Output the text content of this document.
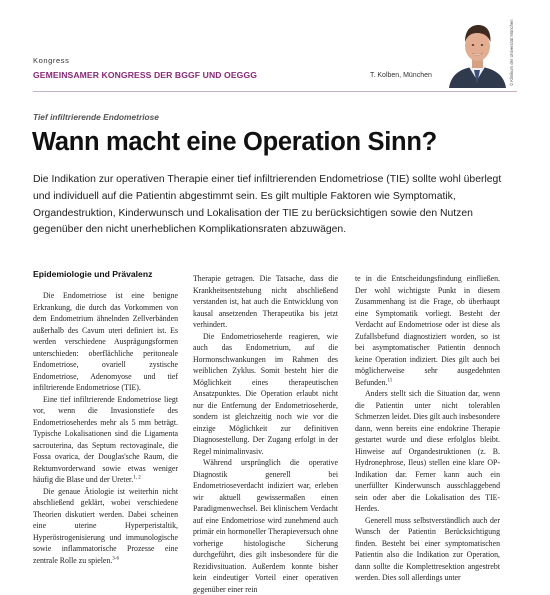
Kongress
GEMEINSAMER KONGRESS DER BGGF UND OEGGG	T. Kolben, München	© Klinikum der Universität München
Tief infiltrierende Endometriose
Wann macht eine Operation Sinn?

Die Indikation zur operativen Therapie einer tief infiltrierenden Endometriose (TIE) sollte wohl überlegt und individuell auf die Patientin abgestimmt sein. Es gilt multiple Faktoren wie Symptomatik, Organdestruktion, Kinderwunsch und Lokalisation der TIE zu berücksichtigen sowie den Nutzen gegenüber den nicht unerheblichen Komplikationsraten abzuwägen.

Epidemiologie und Prävalenz

Die Endometriose ist eine benigne Erkrankung, die durch das Vorkommen von dem Endometrium ähnelnden Zellverbänden außerhalb des Cavum uteri definiert ist. Es werden verschiedene Ausprägungsformen unterschieden: oberflächliche peritoneale Endometriose, ovariell zystische Endometriose, Adenomyose und tief infiltrierende Endometriose (TIE).

Eine tief infiltrierende Endometriose liegt vor, wenn die Invasionstiefe des Endometrioseherdes mehr als 5 mm beträgt. Typische Lokalisationen sind die Ligamenta sacrouterina, das Septum rectovaginale, die Fossa ovarica, der Douglas'sche Raum, die Rektumvorderwand sowie etwas weniger häufig die Blase und der Ureter.$^{1, 2}$

Die genaue Ätiologie ist weiterhin nicht abschließend geklärt, wobei verschiedene Theorien diskutiert werden. Dabei scheinen eine uterine Hyperperistaltik, Hyperöstrogenisierung und immunologische sowie inflammatorische Prozesse eine zentrale Rolle zu spielen.$^{3-6}$

Therapie getragen. Die Tatsache, dass die Krankheitsentstehung nicht abschließend verstanden ist, hat auch die Entwicklung von kausal ansetzenden Therapeutika bis jetzt verhindert.

Die Endometrioseherde reagieren, wie auch das Endometrium, auf die Hormonschwankungen im Rahmen des weiblichen Zyklus. Somit besteht hier die Möglichkeit eines therapeutischen Ansatzpunktes. Die Operation erlaubt nicht nur die Entfernung der Endometrioseherde, sondern ist gleichzeitig noch wie vor die einzige Möglichkeit zur definitiven Diagnosestellung. Der Zugang erfolgt in der Regel minimalinvasiv.

Während ursprünglich die operative Diagnostik generell bei Endometrioseverdacht indiziert war, erleben wir aktuell gewissermaßen einen Paradigmenwechsel. Bei klinischem Verdacht auf eine Endometriose wird zunehmend auch primär ein hormoneller Therapieversuch ohne vorherige histologische Sicherung durchgeführt, dies gilt insbesondere für die Rezidivsituation. Außerdem konnte bisher kein eindeutiger Vorteil einer operativen gegenüber einer rein

te in die Entscheidungsfindung einfließen. Der wohl wichtigste Punkt in diesem Zusammenhang ist die Frage, ob überhaupt eine Symptomatik vorliegt. Besteht der Verdacht auf Endometriose oder ist diese als Zufallsbefund diagnostiziert worden, so ist bei asymptomatischer Patientin dennoch keine Operation indiziert. Dies gilt auch bei möglicherweise sehr ausgedehnten Befunden.$^{11}$

Anders stellt sich die Situation dar, wenn die Patientin unter nicht tolerablen Schmerzen leidet. Dies gilt auch insbesondere dann, wenn bereits eine endokrine Therapie gestartet wurde und diese erfolglos bleibt. Hinweise auf Organdestruktionen (z. B. Hydronephrose, Ileus) stellen eine klare OP-Indikation dar. Ferner kann auch ein unerfüllter Kinderwunsch ausschlaggebend sein oder aber die Lokalisation des TIE-Herdes.

Generell muss selbstverständlich auch der Wunsch der Patientin Berücksichtigung finden. Besteht bei einer symptomatischen Patientin also die Indikation zur Operation, dann sollte die Komplettresektion angestrebt werden. Dies soll allerdings unter
